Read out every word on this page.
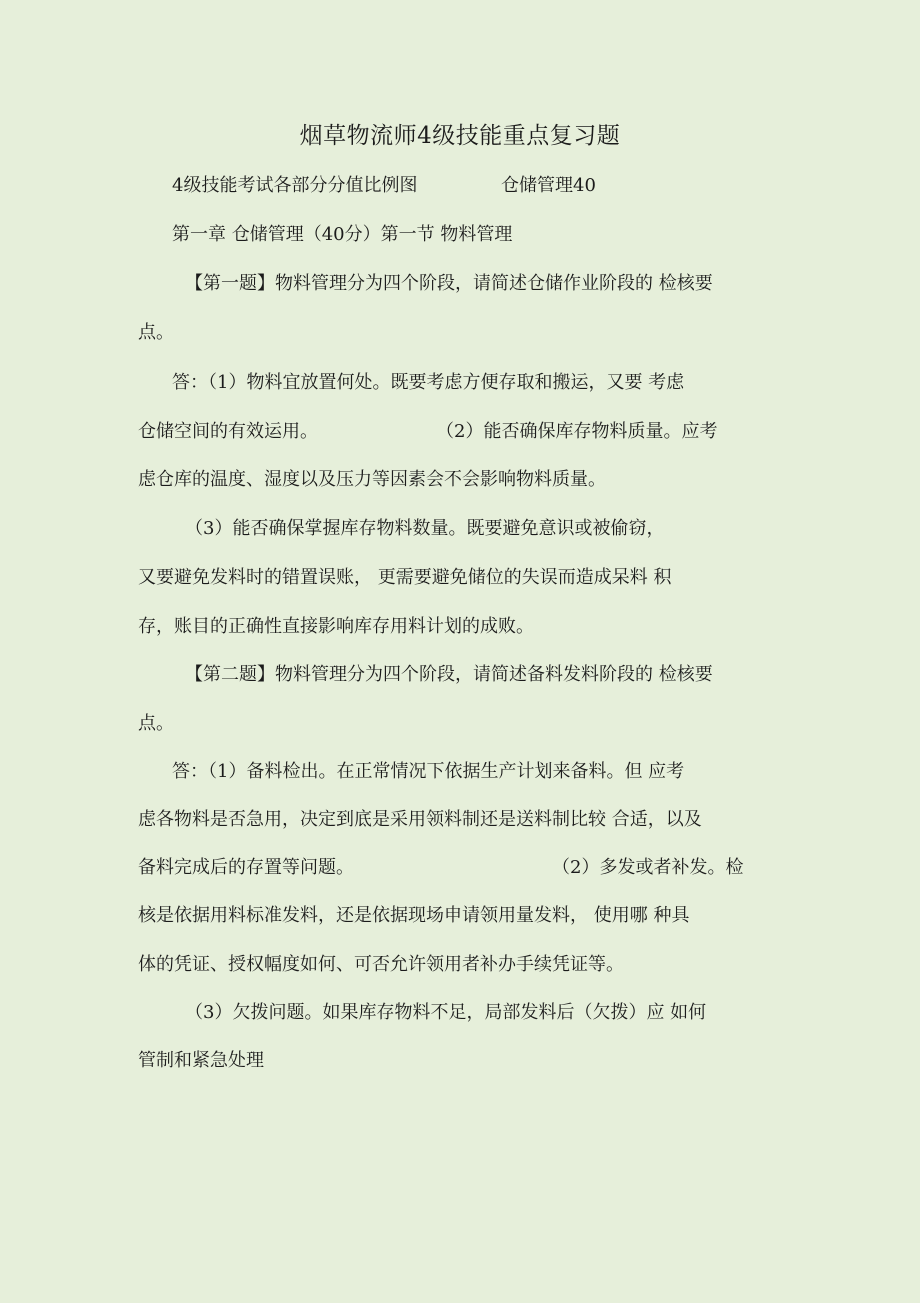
烟草物流师4级技能重点复习题
4级技能考试各部分分值比例图	仓储管理40
第一章 仓储管理（40分）第一节 物料管理
【第一题】物料管理分为四个阶段，请简述仓储作业阶段的 检核要
点。
答：（1）物料宜放置何处。既要考虑方便存取和搬运，又要 考虑
仓储空间的有效运用。	（2）能否确保库存物料质量。应考
虑仓库的温度、湿度以及压力等因素会不会影响物料质量。
（3）能否确保掌握库存物料数量。既要避免意识或被偷窃，
又要避免发料时的错置误账， 更需要避免储位的失误而造成呆料 积
存，账目的正确性直接影响库存用料计划的成败。
【第二题】物料管理分为四个阶段，请简述备料发料阶段的 检核要
点。
答：（1）备料检出。在正常情况下依据生产计划来备料。但 应考
虑各物料是否急用，决定到底是采用领料制还是送料制比较 合适，以及
备料完成后的存置等问题。	（2）多发或者补发。检
核是依据用料标准发料，还是依据现场申请领用量发料， 使用哪 种具
体的凭证、授权幅度如何、可否允许领用者补办手续凭证等。
（3）欠拨问题。如果库存物料不足，局部发料后（欠拨）应 如何
管制和紧急处理
